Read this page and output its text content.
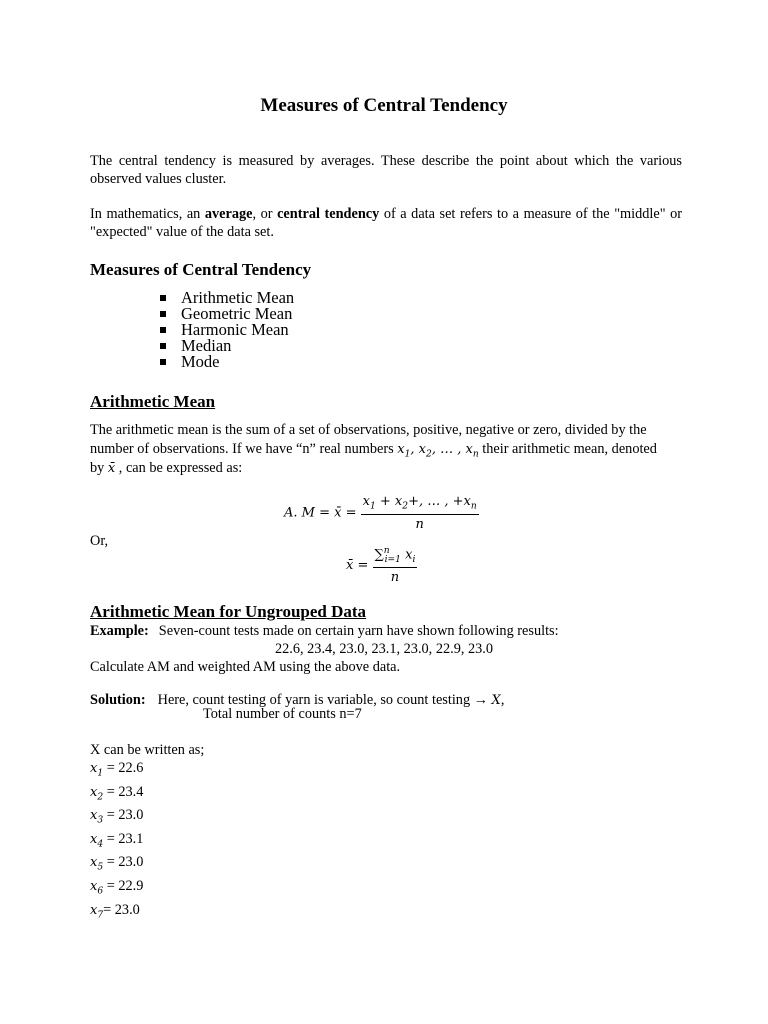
Measures of Central Tendency

The central tendency is measured by averages. These describe the point about which the various observed values cluster.

In mathematics, an average, or central tendency of a data set refers to a measure of the "middle" or "expected" value of the data set.

Measures of Central Tendency
Arithmetic Mean
Geometric Mean
Harmonic Mean
Median
Mode
Arithmetic Mean

The arithmetic mean is the sum of a set of observations, positive, negative or zero, divided by the

number of observations. If we have “n” real numbers $x_1$, $x_2$, … , $x_n$ their arithmetic mean, denoted

by x̄ , can be expressed as:

A. M = x̄ = $\frac{x_1 + x_2+, \dots , +x_n}{n}$

Or,

x̄ = $\frac{\sum^n_{i=1} x_i}{n}$
Arithmetic Mean for Ungrouped Data

Example: Seven-count tests made on certain yarn have shown following results:

22.6, 23.4, 23.0, 23.1, 23.0, 22.9, 23.0

Calculate AM and weighted AM using the above data.

Solution: Here, count testing of yarn is variable, so count testing → X,

Total number of counts n=7

X can be written as;

$x_1 = 22.6$
$x_2 = 23.4$
$x_3 = 23.0$
$x_4 = 23.1$
$x_5 = 23.0$
$x_6 = 22.9$
$x_7= 23.0$
